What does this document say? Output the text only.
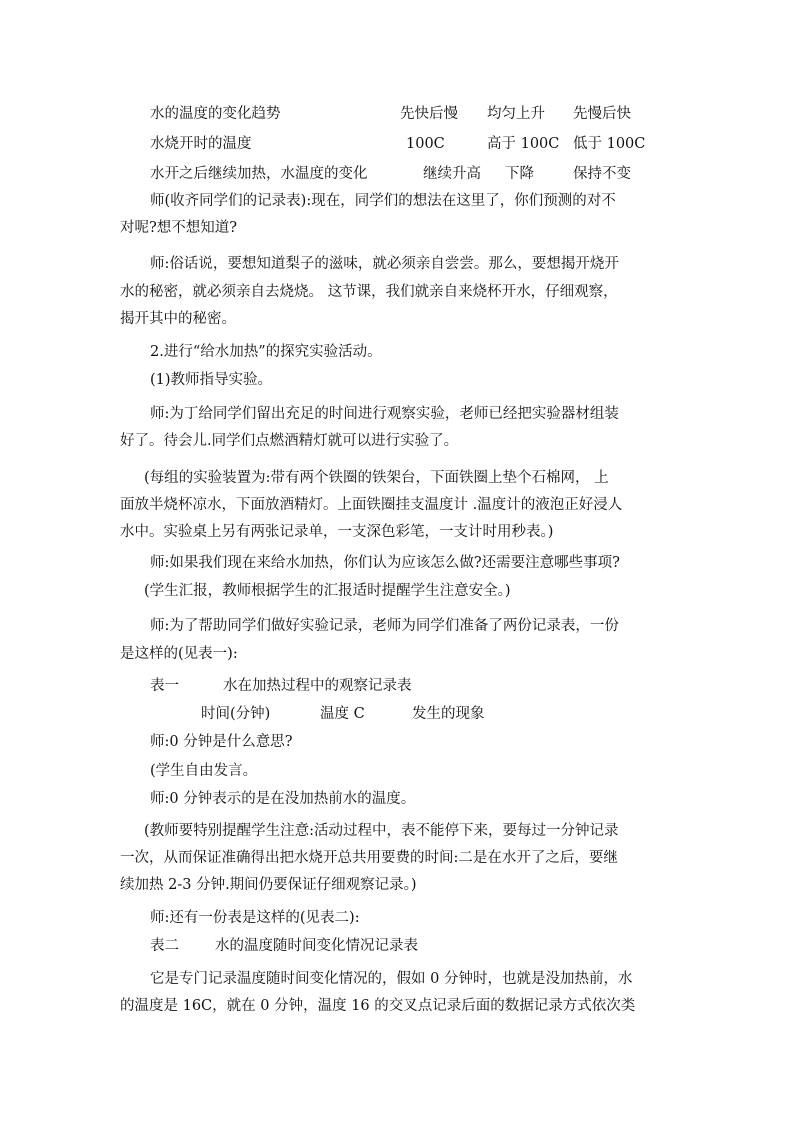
水的温度的变化趋势	先快后慢 均匀上升 先慢后快
水烧开时的温度	100C	高于 100C 低于 100C
水开之后继续加热，水温度的变化	继续升高 下降	保持不变
师(收齐同学们的记录表):现在，同学们的想法在这里了，你们预测的对不
对呢?想不想知道?
师:俗话说，要想知道梨子的滋味，就必须亲自尝尝。那么，要想揭开烧开
水的秘密，就必须亲自去烧烧。 这节课，我们就亲自来烧杯开水，仔细观察，
揭开其中的秘密。
2.进行“给水加热”的探究实验活动。
(1)教师指导实验。
师:为丁给同学们留出充足的时间进行观察实验，老师已经把实验器材组装
好了。待会儿.同学们点燃酒精灯就可以进行实验了。
(每组的实验装置为:带有两个铁圈的铁架台，下面铁圈上垫个石棉网， 上
面放半烧杯凉水，下面放酒精灯。上面铁圈挂支温度计 .温度计的液泡正好浸人
水中。实验桌上另有两张记录单，一支深色彩笔，一支计时用秒表。)
师:如果我们现在来给水加热，你们认为应该怎么做?还需要注意哪些事项?
(学生汇报，教师根据学生的汇报适时提醒学生注意安全。)
师:为了帮助同学们做好实验记录，老师为同学们准备了两份记录表，一份
是这样的(见表一):
表一	水在加热过程中的观察记录表
时间(分钟)	温度 C	发生的现象
师:0 分钟是什么意思?
(学生自由发言。
师:0 分钟表示的是在没加热前水的温度。
(教师要特别提醒学生注意:活动过程中，表不能停下来，要每过一分钟记录
一次，从而保证准确得出把水烧开总共用要费的时间:二是在水开了之后，要继
续加热 2-3 分钟.期间仍要保证仔细观察记录。)
师:还有一份表是这样的(见表二):
表二 水的温度随时间变化情况记录表
它是专门记录温度随时间变化情况的，假如 0 分钟时，也就是没加热前，水
的温度是 16C，就在 0 分钟，温度 16 的交叉点记录后面的数据记录方式依次类
